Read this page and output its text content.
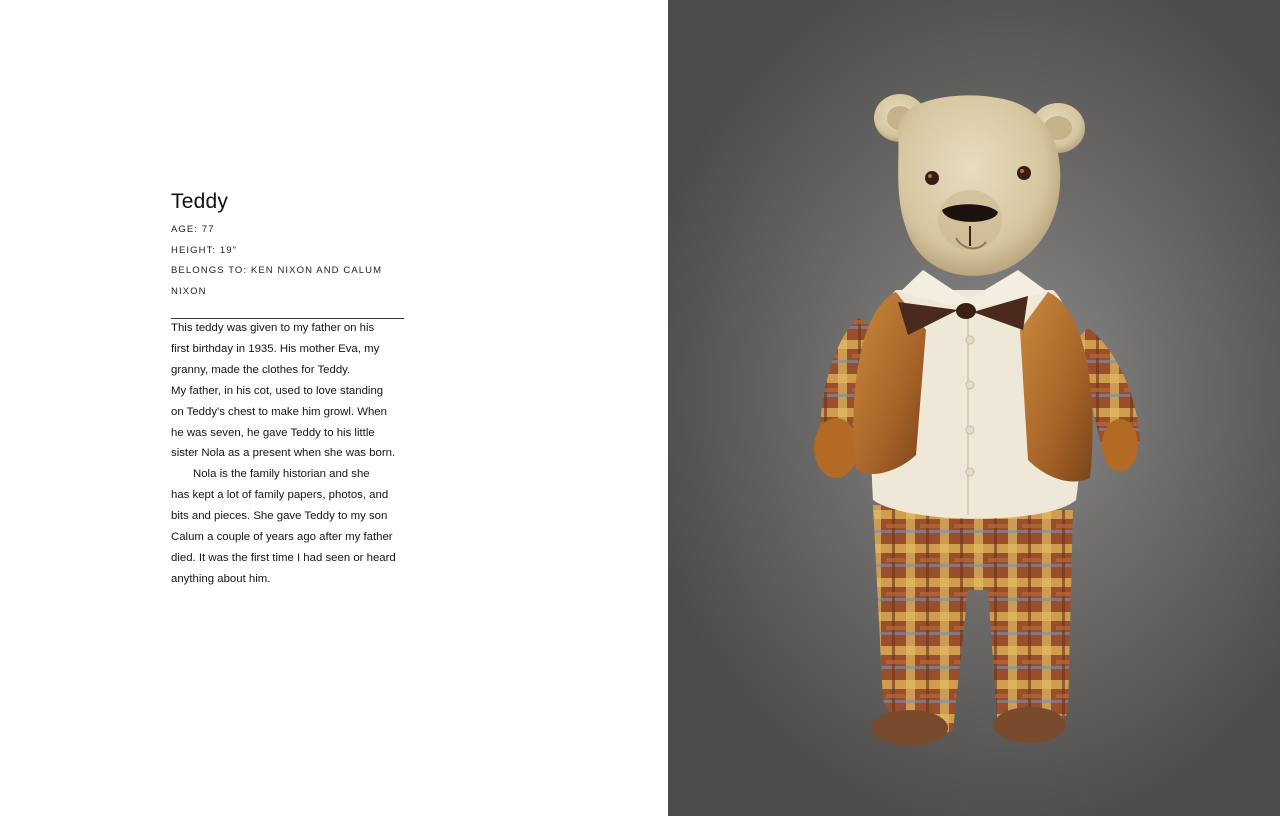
Teddy

AGE: 77

HEIGHT: 19"

BELONGS TO: KEN NIXON AND CALUM NIXON

This teddy was given to my father on his

first birthday in 1935. His mother Eva, my

granny, made the clothes for Teddy.

My father, in his cot, used to love standing

on Teddy's chest to make him growl. When

he was seven, he gave Teddy to his little

sister Nola as a present when she was born.

Nola is the family historian and she

has kept a lot of family papers, photos, and

bits and pieces. She gave Teddy to my son

Calum a couple of years ago after my father

died. It was the first time I had seen or heard

anything about him.
